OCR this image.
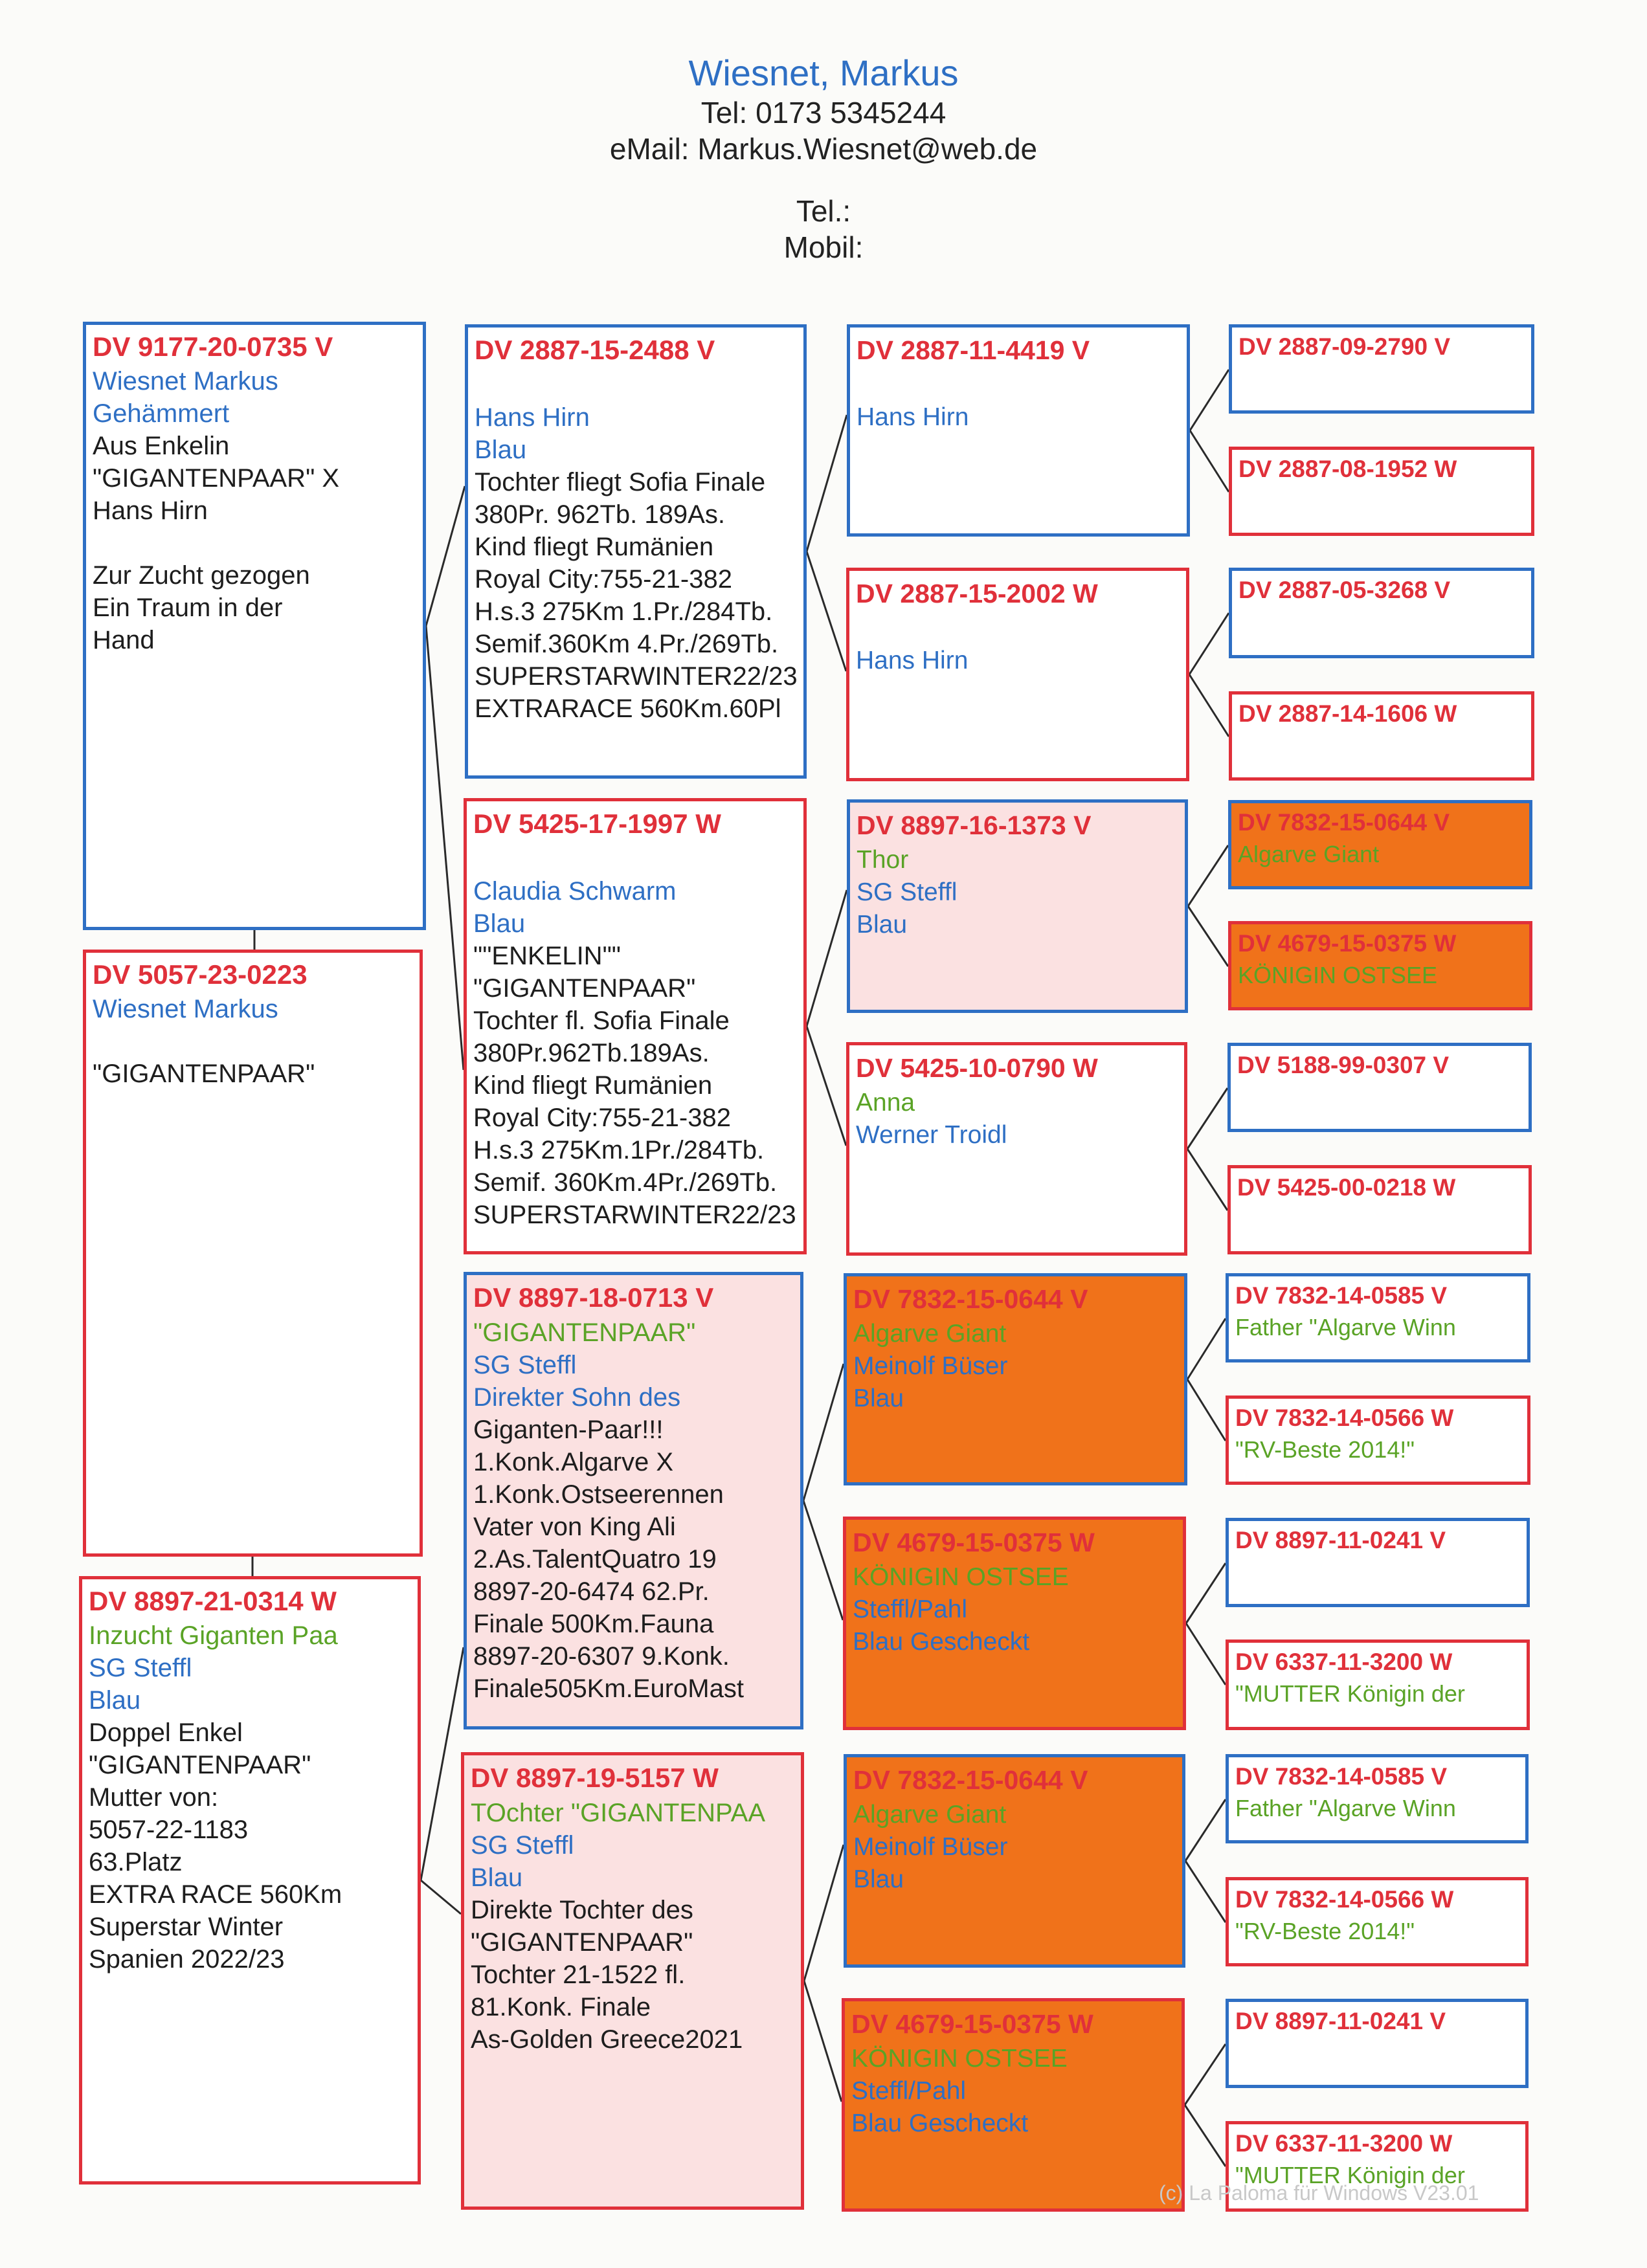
Wiesnet, Markus
Tel: 0173 5345244
eMail: Markus.Wiesnet@web.de
Tel.:
Mobil:
DV 9177-20-0735 V
Wiesnet Markus
Gehämmert
Aus Enkelin
"GIGANTENPAAR" X
Hans Hirn
Zur Zucht gezogen
Ein Traum in der
Hand
DV 5057-23-0223
Wiesnet Markus
"GIGANTENPAAR"
DV 8897-21-0314 W
Inzucht Giganten Paa
SG Steffl
Blau
Doppel Enkel
"GIGANTENPAAR"
Mutter von:
5057-22-1183
63.Platz
EXTRA RACE 560Km
Superstar Winter
Spanien 2022/23
DV 2887-15-2488 V
Hans Hirn
Blau
Tochter fliegt Sofia Finale
380Pr. 962Tb. 189As.
Kind fliegt Rumänien
Royal City:755-21-382
H.s.3 275Km 1.Pr./284Tb.
Semif.360Km 4.Pr./269Tb.
SUPERSTARWINTER22/23
EXTRARACE 560Km.60Pl
DV 5425-17-1997 W
Claudia Schwarm
Blau
""ENKELIN""
"GIGANTENPAAR"
Tochter fl. Sofia Finale
380Pr.962Tb.189As.
Kind fliegt Rumänien
Royal City:755-21-382
H.s.3 275Km.1Pr./284Tb.
Semif. 360Km.4Pr./269Tb.
SUPERSTARWINTER22/23
DV 8897-18-0713 V
"GIGANTENPAAR"
SG Steffl
Direkter Sohn des
Giganten-Paar!!!
1.Konk.Algarve X
1.Konk.Ostseerennen
Vater von King Ali
2.As.TalentQuatro 19
8897-20-6474 62.Pr.
Finale 500Km.Fauna
8897-20-6307 9.Konk.
Finale505Km.EuroMast
DV 8897-19-5157 W
TOchter "GIGANTENPAA
SG Steffl
Blau
Direkte Tochter des
"GIGANTENPAAR"
Tochter 21-1522 fl.
81.Konk. Finale
As-Golden Greece2021
DV 2887-11-4419 V
Hans Hirn
DV 2887-15-2002 W
Hans Hirn
DV 8897-16-1373 V
Thor
SG Steffl
Blau
DV 5425-10-0790 W
Anna
Werner Troidl
DV 7832-15-0644 V
Algarve Giant
Meinolf Büser
Blau
DV 4679-15-0375 W
KÖNIGIN OSTSEE
Steffl/Pahl
Blau Gescheckt
DV 7832-15-0644 V
Algarve Giant
Meinolf Büser
Blau
DV 4679-15-0375 W
KÖNIGIN OSTSEE
Steffl/Pahl
Blau Gescheckt
DV 2887-09-2790 V
DV 2887-08-1952 W
DV 2887-05-3268 V
DV 2887-14-1606 W
DV 7832-15-0644 V
Algarve Giant
DV 4679-15-0375 W
KÖNIGIN OSTSEE
DV 5188-99-0307 V
DV 5425-00-0218 W
DV 7832-14-0585 V
Father "Algarve Winn
DV 7832-14-0566 W
"RV-Beste 2014!"
DV 8897-11-0241 V
DV 6337-11-3200 W
"MUTTER Königin der
DV 7832-14-0585 V
Father "Algarve Winn
DV 7832-14-0566 W
"RV-Beste 2014!"
DV 8897-11-0241 V
DV 6337-11-3200 W
"MUTTER Königin der
(c) La Paloma für Windows V23.01
